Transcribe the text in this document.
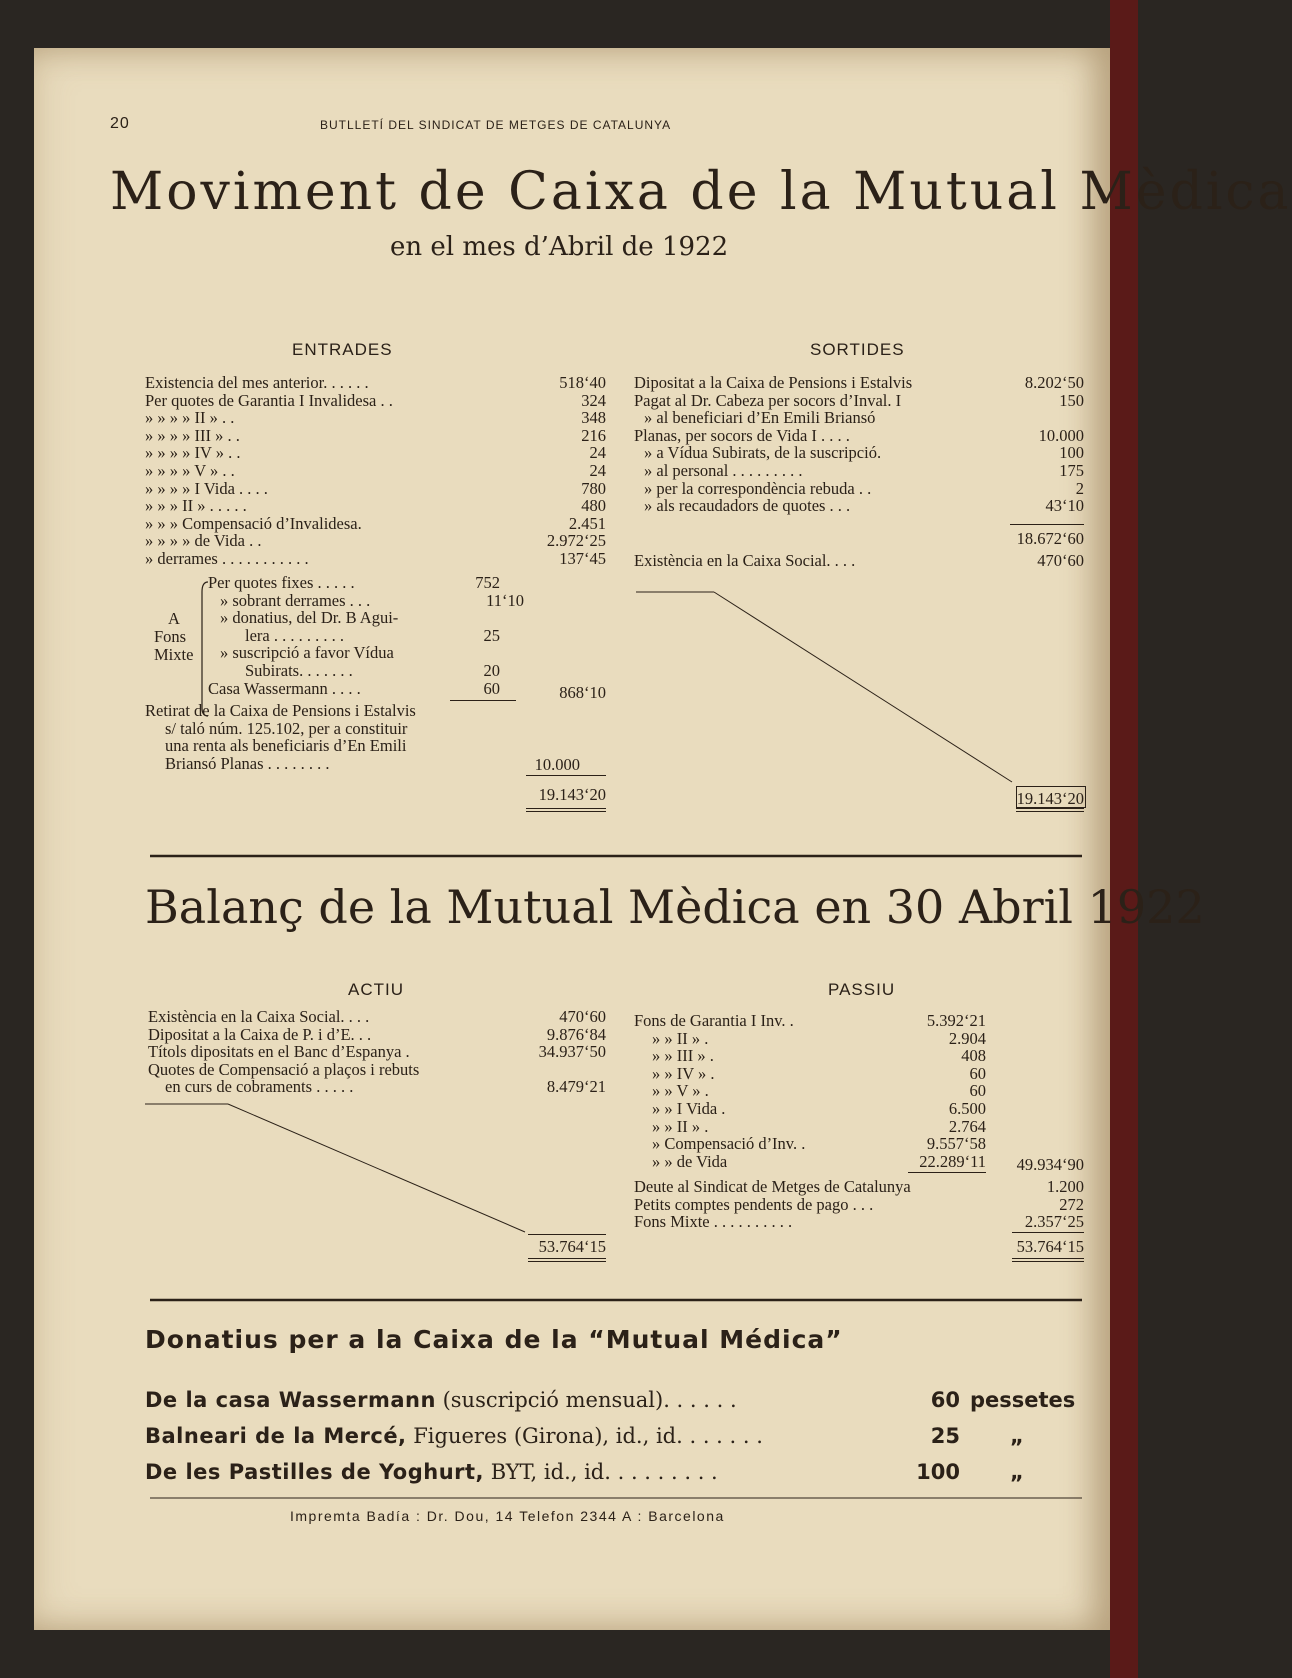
20	BUTLLETÍ DEL SINDICAT DE METGES DE CATALUNYA
Moviment de Caixa de la Mutual Mèdica
en el mes d’Abril de 1922
ENTRADES	SORTIDES
Existencia del mes anterior. . . . . .	518‘40
Per quotes de Garantia I Invalidesa . .	324
» » » » II » . .	348
» » » » III » . .	216
» » » » IV » . .	24
» » » » V » . .	24
» » » » I Vida . . . .	780
» » » II » . . . . .	480
» » » Compensació d’Invalidesa.	2.451
» » » » de Vida . .	2.972‘25
» derrames . . . . . . . . . . .	137‘45
A
Fons
Mixte
Per quotes fixes . . . . .	752
» sobrant derrames . . .	11‘10
» donatius, del Dr. B Agui-
lera . . . . . . . . .	25
» suscripció a favor Vídua
Subirats. . . . . . .	20
Casa Wassermann . . . .	60	868‘10
Retirat de la Caixa de Pensions i Estalvis
s/ taló núm. 125.102, per a constituir
una renta als beneficiaris d’En Emili
Briansó Planas . . . . . . . .	10.000
19.143‘20
Dipositat a la Caixa de Pensions i Estalvis	8.202‘50
Pagat al Dr. Cabeza per socors d’Inval. I	150
» al beneficiari d’En Emili Briansó
Planas, per socors de Vida I . . . .	10.000
» a Vídua Subirats, de la suscripció.	100
» al personal . . . . . . . . .	175
» per la correspondència rebuda . .	2
» als recaudadors de quotes . . .	43‘10
18.672‘60
Existència en la Caixa Social. . . .	470‘60
19.143‘20
Balanç de la Mutual Mèdica en 30 Abril 1922
ACTIU	PASSIU
Existència en la Caixa Social. . . .	470‘60
Dipositat a la Caixa de P. i d’E. . .	9.876‘84
Títols dipositats en el Banc d’Espanya .	34.937‘50
Quotes de Compensació a plaços i rebuts
en curs de cobraments . . . . .	8.479‘21
53.764‘15
Fons de Garantia I Inv. .	5.392‘21
» » II » .	2.904
» » III » .	408
» » IV » .	60
» » V » .	60
» » I Vida .	6.500
» » II » .	2.764
» Compensació d’Inv. .	9.557‘58
» » de Vida	22.289‘11	49.934‘90
Deute al Sindicat de Metges de Catalunya	1.200
Petits comptes pendents de pago . . .	272
Fons Mixte . . . . . . . . . .	2.357‘25
53.764‘15
Donatius per a la Caixa de la “Mutual Médica”
De la casa Wassermann (suscripció mensual). . . . . .	60 pessetes
Balneari de la Mercé, Figueres (Girona), id., id. . . . . . .	25 „
De les Pastilles de Yoghurt, BYT, id., id. . . . . . . . .	100 „
Impremta Badía : Dr. Dou, 14 Telefon 2344 A : Barcelona
